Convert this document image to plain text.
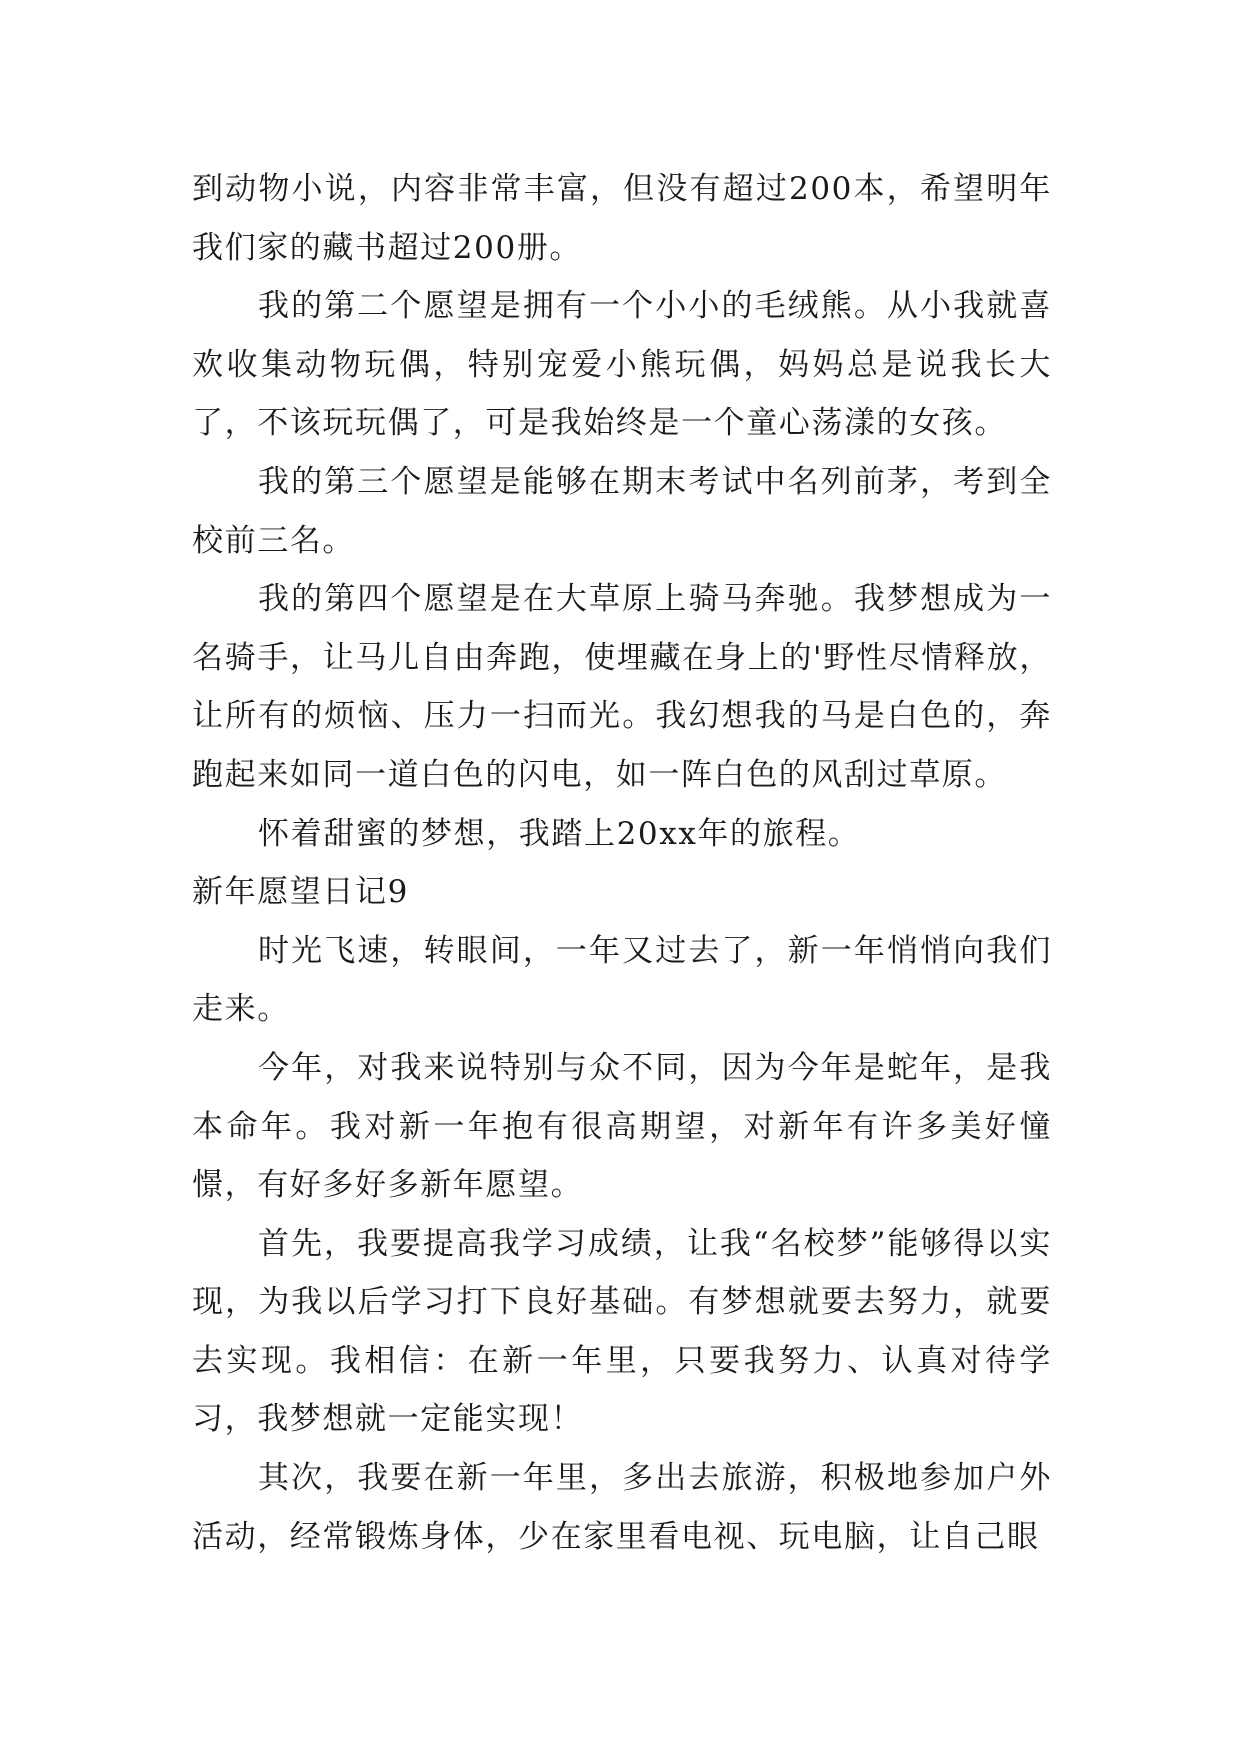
到动物小说，内容非常丰富，但没有超过200本，希望明年我们家的藏书超过200册。

我的第二个愿望是拥有一个小小的毛绒熊。从小我就喜欢收集动物玩偶，特别宠爱小熊玩偶，妈妈总是说我长大了，不该玩玩偶了，可是我始终是一个童心荡漾的女孩。

我的第三个愿望是能够在期末考试中名列前茅，考到全校前三名。

我的第四个愿望是在大草原上骑马奔驰。我梦想成为一名骑手，让马儿自由奔跑，使埋藏在身上的'野性尽情释放，让所有的烦恼、压力一扫而光。我幻想我的马是白色的，奔跑起来如同一道白色的闪电，如一阵白色的风刮过草原。

怀着甜蜜的梦想，我踏上20xx年的旅程。

新年愿望日记9

时光飞速，转眼间，一年又过去了，新一年悄悄向我们走来。

今年，对我来说特别与众不同，因为今年是蛇年，是我本命年。我对新一年抱有很高期望，对新年有许多美好憧憬，有好多好多新年愿望。

首先，我要提高我学习成绩，让我“名校梦”能够得以实现，为我以后学习打下良好基础。有梦想就要去努力，就要去实现。我相信：在新一年里，只要我努力、认真对待学习，我梦想就一定能实现！

其次，我要在新一年里，多出去旅游，积极地参加户外活动，经常锻炼身体，少在家里看电视、玩电脑，让自己眼
